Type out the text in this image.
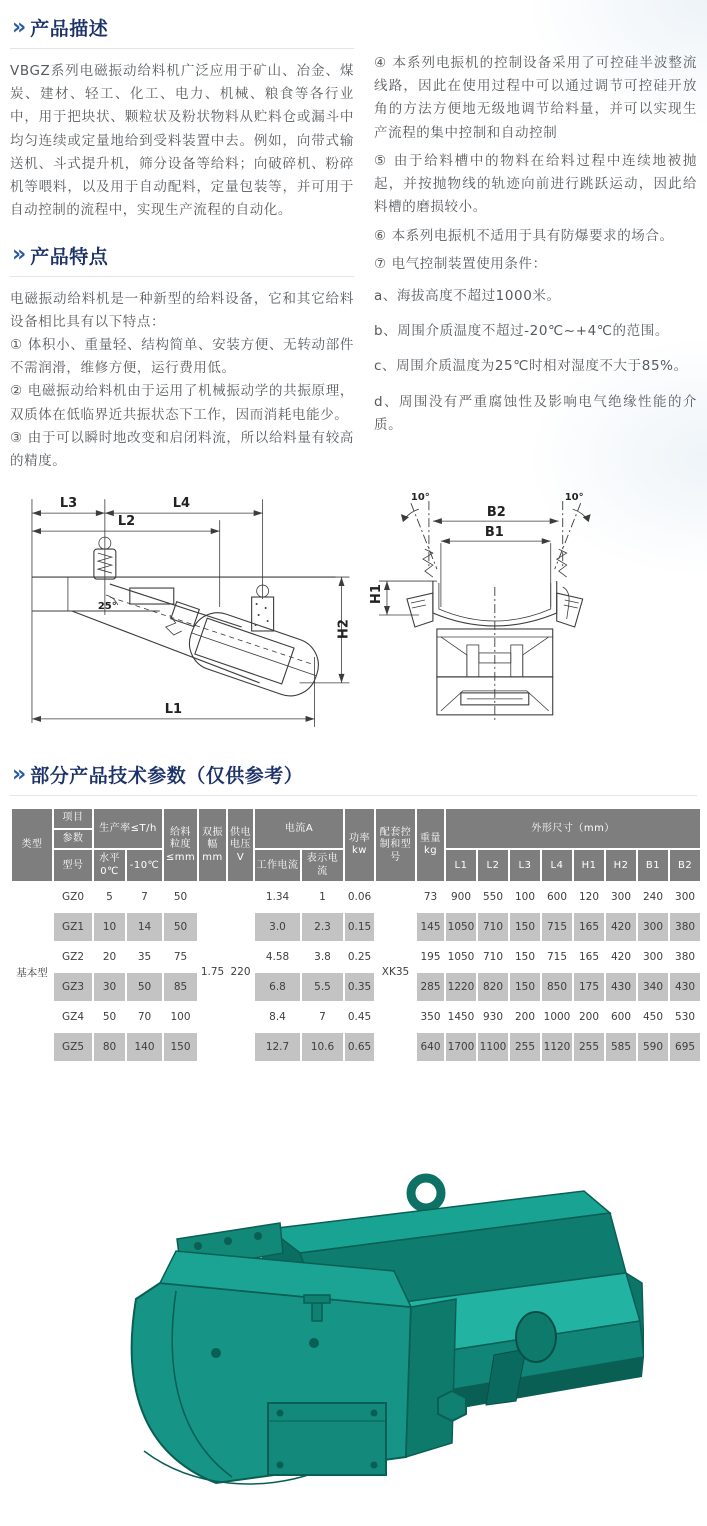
» 产品描述

VBGZ系列电磁振动给料机广泛应用于矿山、冶金、煤炭、建材、轻工、化工、电力、机械、粮食等各行业中，用于把块状、颗粒状及粉状物料从贮料仓或漏斗中均匀连续或定量地给到受料装置中去。例如，向带式输送机、斗式提升机，筛分设备等给料；向破碎机、粉碎机等喂料，以及用于自动配料，定量包装等，并可用于自动控制的流程中，实现生产流程的自动化。

» 产品特点

电磁振动给料机是一种新型的给料设备，它和其它给料设备相比具有以下特点：

① 体积小、重量轻、结构简单、安装方便、无转动部件不需润滑，维修方便，运行费用低。

② 电磁振动给料机由于运用了机械振动学的共振原理，双质体在低临界近共振状态下工作，因而消耗电能少。

③ 由于可以瞬时地改变和启闭料流，所以给料量有较高的精度。

④ 本系列电振机的控制设备采用了可控硅半波整流线路，因此在使用过程中可以通过调节可控硅开放角的方法方便地无级地调节给料量，并可以实现生产流程的集中控制和自动控制

⑤ 由于给料槽中的物料在给料过程中连续地被抛起，并按抛物线的轨迹向前进行跳跃运动，因此给料槽的磨损较小。

⑥ 本系列电振机不适用于具有防爆要求的场合。

⑦ 电气控制装置使用条件：

a、海拔高度不超过1000米。

b、周围介质温度不超过-20℃~+4℃的范围。

c、周围介质温度为25℃时相对湿度不大于85%。

d、周围没有严重腐蚀性及影响电气绝缘性能的介质。

L3	L4
L2
25°
H2
L1
10°	10°
B2
B1
H1
» 部分产品技术参数（仅供参考）
类型	项目	生产率≤T/h		给料粒度≤mm	双振幅mm	供电电压V	电流A		功率kw	配套控制和型号	重量kg	外形尺寸（mm）							
	参数																		
	型号	水平0℃	-10℃				工作电流	表示电流				L1	L2	L3	L4	H1	H2	B1	B2
基本型	GZ0	5	7	50	1.75	220	1.34	1	0.06	XK35	73	900	550	100	600	120	300	240	300
	GZ1	10	14	50			3.0	2.3	0.15		145	1050	710	150	715	165	420	300	380
	GZ2	20	35	75			4.58	3.8	0.25		195	1050	710	150	715	165	420	300	380
	GZ3	30	50	85			6.8	5.5	0.35		285	1220	820	150	850	175	430	340	430
	GZ4	50	70	100			8.4	7	0.45		350	1450	930	200	1000	200	600	450	530
	GZ5	80	140	150			12.7	10.6	0.65		640	1700	1100	255	1120	255	585	590	695
